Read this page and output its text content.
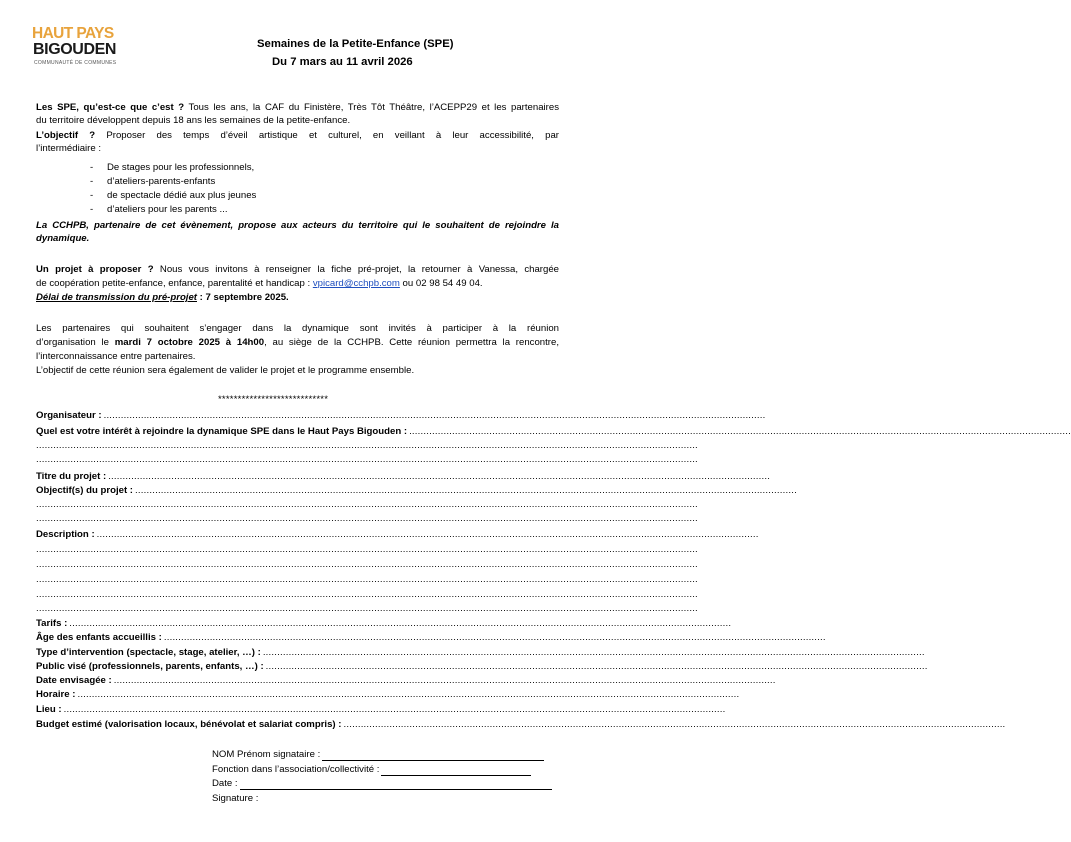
HAUT PAYS
BIGOUDEN
COMMUNAUTÉ DE COMMUNES
Semaines de la Petite-Enfance (SPE)
Du 7 mars au 11 avril 2026
Les SPE, qu’est-ce que c’est ? Tous les ans, la CAF du Finistère, Très Tôt Théâtre, l’ACEPP29 et les partenaires
du territoire développent depuis 18 ans les semaines de la petite-enfance.
L’objectif ? Proposer des temps d’éveil artistique et culturel, en veillant à leur accessibilité, par
l’intermédiaire :
- De stages pour les professionnels,
- d’ateliers-parents-enfants
- de spectacle dédié aux plus jeunes
- d’ateliers pour les parents ...
La CCHPB, partenaire de cet évènement, propose aux acteurs du territoire qui le souhaitent de rejoindre la
dynamique.
Un projet à proposer ? Nous vous invitons à renseigner la fiche pré-projet, la retourner à Vanessa, chargée
de coopération petite-enfance, enfance, parentalité et handicap : vpicard@cchpb.com ou 02 98 54 49 04.
Délai de transmission du pré-projet : 7 septembre 2025.
Les partenaires qui souhaitent s’engager dans la dynamique sont invités à participer à la réunion
d’organisation le mardi 7 octobre 2025 à 14h00, au siège de la CCHPB. Cette réunion permettra la rencontre,
l’interconnaissance entre partenaires.
L’objectif de cette réunion sera également de valider le projet et le programme ensemble.
****************************
Organisateur : .......................................................................................................................................................................................................................................
Quel est votre intérêt à rejoindre la dynamique SPE dans le Haut Pays Bigouden : .......................................................................................................................................................................................................................................
.......................................................................................................................................................................................................................................
.......................................................................................................................................................................................................................................
Titre du projet : .......................................................................................................................................................................................................................................
Objectif(s) du projet : .......................................................................................................................................................................................................................................
.......................................................................................................................................................................................................................................
.......................................................................................................................................................................................................................................
Description : .......................................................................................................................................................................................................................................
.......................................................................................................................................................................................................................................
.......................................................................................................................................................................................................................................
.......................................................................................................................................................................................................................................
.......................................................................................................................................................................................................................................
.......................................................................................................................................................................................................................................
Tarifs : .......................................................................................................................................................................................................................................
Âge des enfants accueillis : .......................................................................................................................................................................................................................................
Type d’intervention (spectacle, stage, atelier, …) : .......................................................................................................................................................................................................................................
Public visé (professionnels, parents, enfants, …) : .......................................................................................................................................................................................................................................
Date envisagée : .......................................................................................................................................................................................................................................
Horaire : .......................................................................................................................................................................................................................................
Lieu : .......................................................................................................................................................................................................................................
Budget estimé (valorisation locaux, bénévolat et salariat compris) : .......................................................................................................................................................................................................................................
NOM Prénom signataire :
Fonction dans l’association/collectivité :
Date :
Signature :
